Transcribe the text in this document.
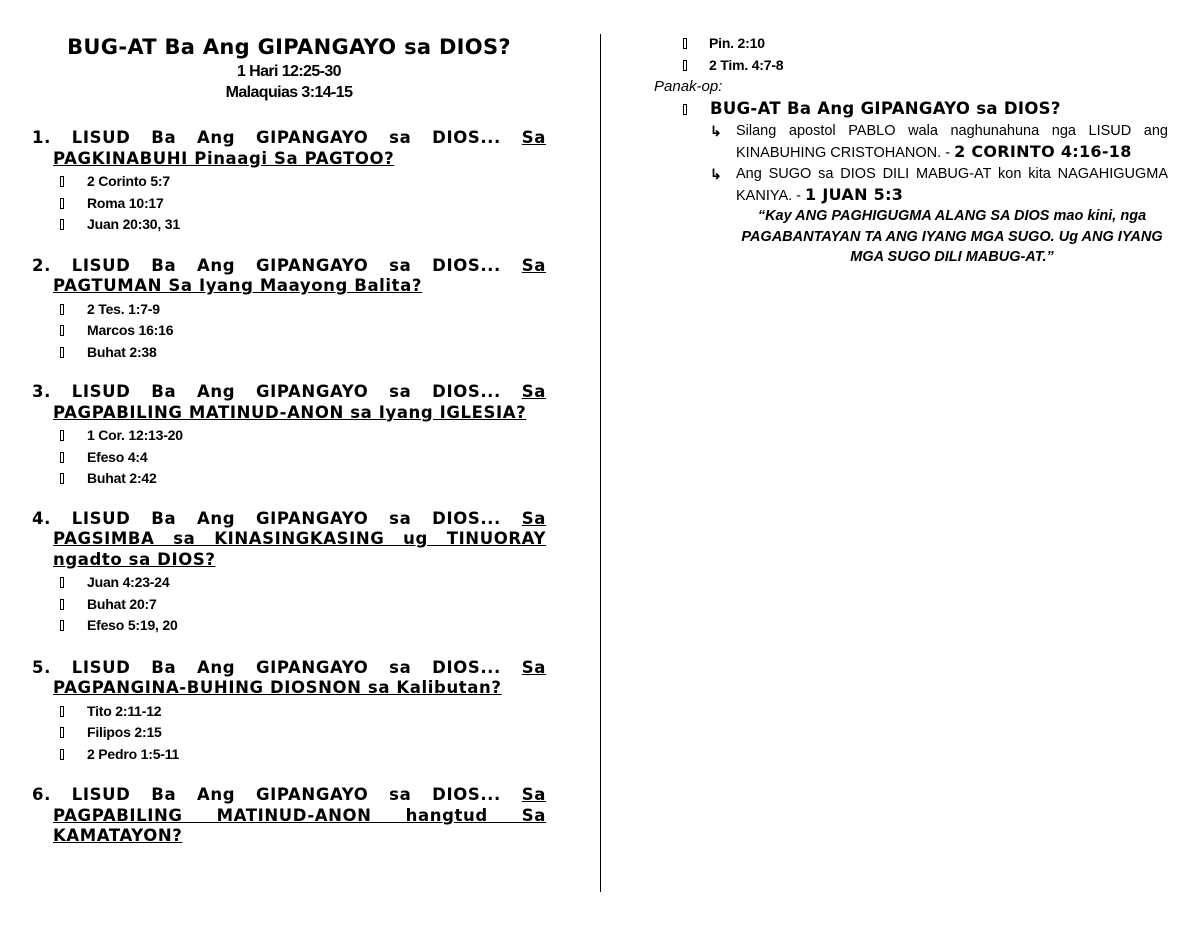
BUG-AT Ba Ang GIPANGAYO sa DIOS?
1 Hari 12:25-30
Malaquias 3:14-15
1. LISUD Ba Ang GIPANGAYO sa DIOS... Sa PAGKINABUHI Pinaagi Sa PAGTOO?
2 Corinto 5:7
Roma 10:17
Juan 20:30, 31
2. LISUD Ba Ang GIPANGAYO sa DIOS... Sa PAGTUMAN Sa Iyang Maayong Balita?
2 Tes. 1:7-9
Marcos 16:16
Buhat 2:38
3. LISUD Ba Ang GIPANGAYO sa DIOS... Sa PAGPABILING MATINUD-ANON sa Iyang IGLESIA?
1 Cor. 12:13-20
Efeso 4:4
Buhat 2:42
4. LISUD Ba Ang GIPANGAYO sa DIOS... Sa PAGSIMBA sa KINASINGKASING ug TINUORAY ngadto sa DIOS?
Juan 4:23-24
Buhat 20:7
Efeso 5:19, 20
5. LISUD Ba Ang GIPANGAYO sa DIOS... Sa PAGPANGINA-BUHING DIOSNON sa Kalibutan?
Tito 2:11-12
Filipos 2:15
2 Pedro 1:5-11
6. LISUD Ba Ang GIPANGAYO sa DIOS... Sa PAGPABILING MATINUD-ANON hangtud Sa KAMATAYON?
Pin. 2:10
2 Tim. 4:7-8
Panak-op:
BUG-AT Ba Ang GIPANGAYO sa DIOS?
↳ Silang apostol PABLO wala naghunahuna nga LISUD ang KINABUHING CRISTOHANON. - 2 CORINTO 4:16-18
↳ Ang SUGO sa DIOS DILI MABUG-AT kon kita NAGAHIGUGMA KANIYA. - 1 JUAN 5:3
“Kay ANG PAGHIGUGMA ALANG SA DIOS mao kini, nga PAGABANTAYAN TA ANG IYANG MGA SUGO. Ug ANG IYANG MGA SUGO DILI MABUG-AT.”
